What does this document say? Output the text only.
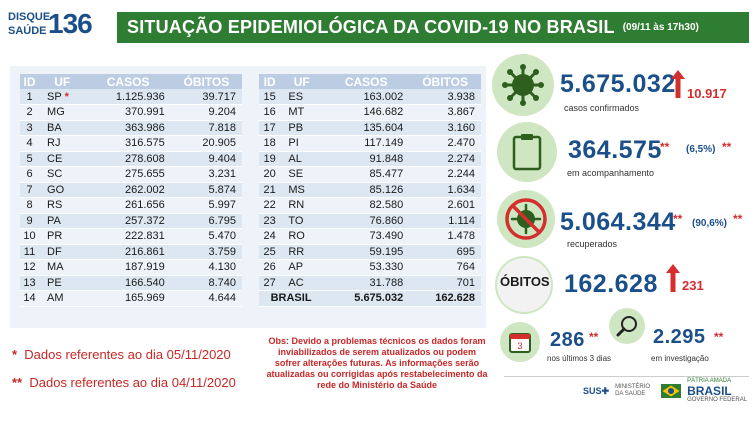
DISQUE
SAÚDE 136 SITUAÇÃO EPIDEMIOLÓGICA DA COVID-19 NO BRASIL (09/11 às 17h30)
ID	UF	CASOS	ÓBITOS
1	SP *	1.125.936	39.717
2	MG	370.991	9.204
3	BA	363.986	7.818
4	RJ	316.575	20.905
5	CE	278.608	9.404
6	SC	275.655	3.231
7	GO	262.002	5.874
8	RS	261.656	5.997
9	PA	257.372	6.795
10	PR	222.831	5.470
11	DF	216.861	3.759
12	MA	187.919	4.130
13	PE	166.540	8.740
14	AM	165.969	4.644
ID	UF	CASOS	ÓBITOS
15	ES	163.002	3.938
16	MT	146.682	3.867
17	PB	135.604	3.160
18	PI	117.149	2.470
19	AL	91.848	2.274
20	SE	85.477	2.244
21	MS	85.126	1.634
22	RN	82.580	2.601
23	TO	76.860	1.114
24	RO	73.490	1.478
25	RR	59.195	695
26	AP	53.330	764
27	AC	31.788	701
BRASIL		5.675.032	162.628
* Dados referentes ao dia 05/11/2020
** Dados referentes ao dia 04/11/2020
Obs: Devido a problemas técnicos os dados foram inviabilizados de serem atualizados ou podem sofrer alterações futuras. As informações serão atualizadas ou corrigidas após restabelecimento da rede do Ministério da Saúde
5.675.032 10.917
casos confirmados
364.575
** (6,5%) **
em acompanhamento
5.064.344
** (90,6%) **
recuperados
ÓBITOS 162.628 231
3 286 **
nos últimos 3 dias
2.295 **
em investigação
SUS✚ MINISTÉRIO DA SAÚDE
PÁTRIA AMADA
BRASIL
GOVERNO FEDERAL
